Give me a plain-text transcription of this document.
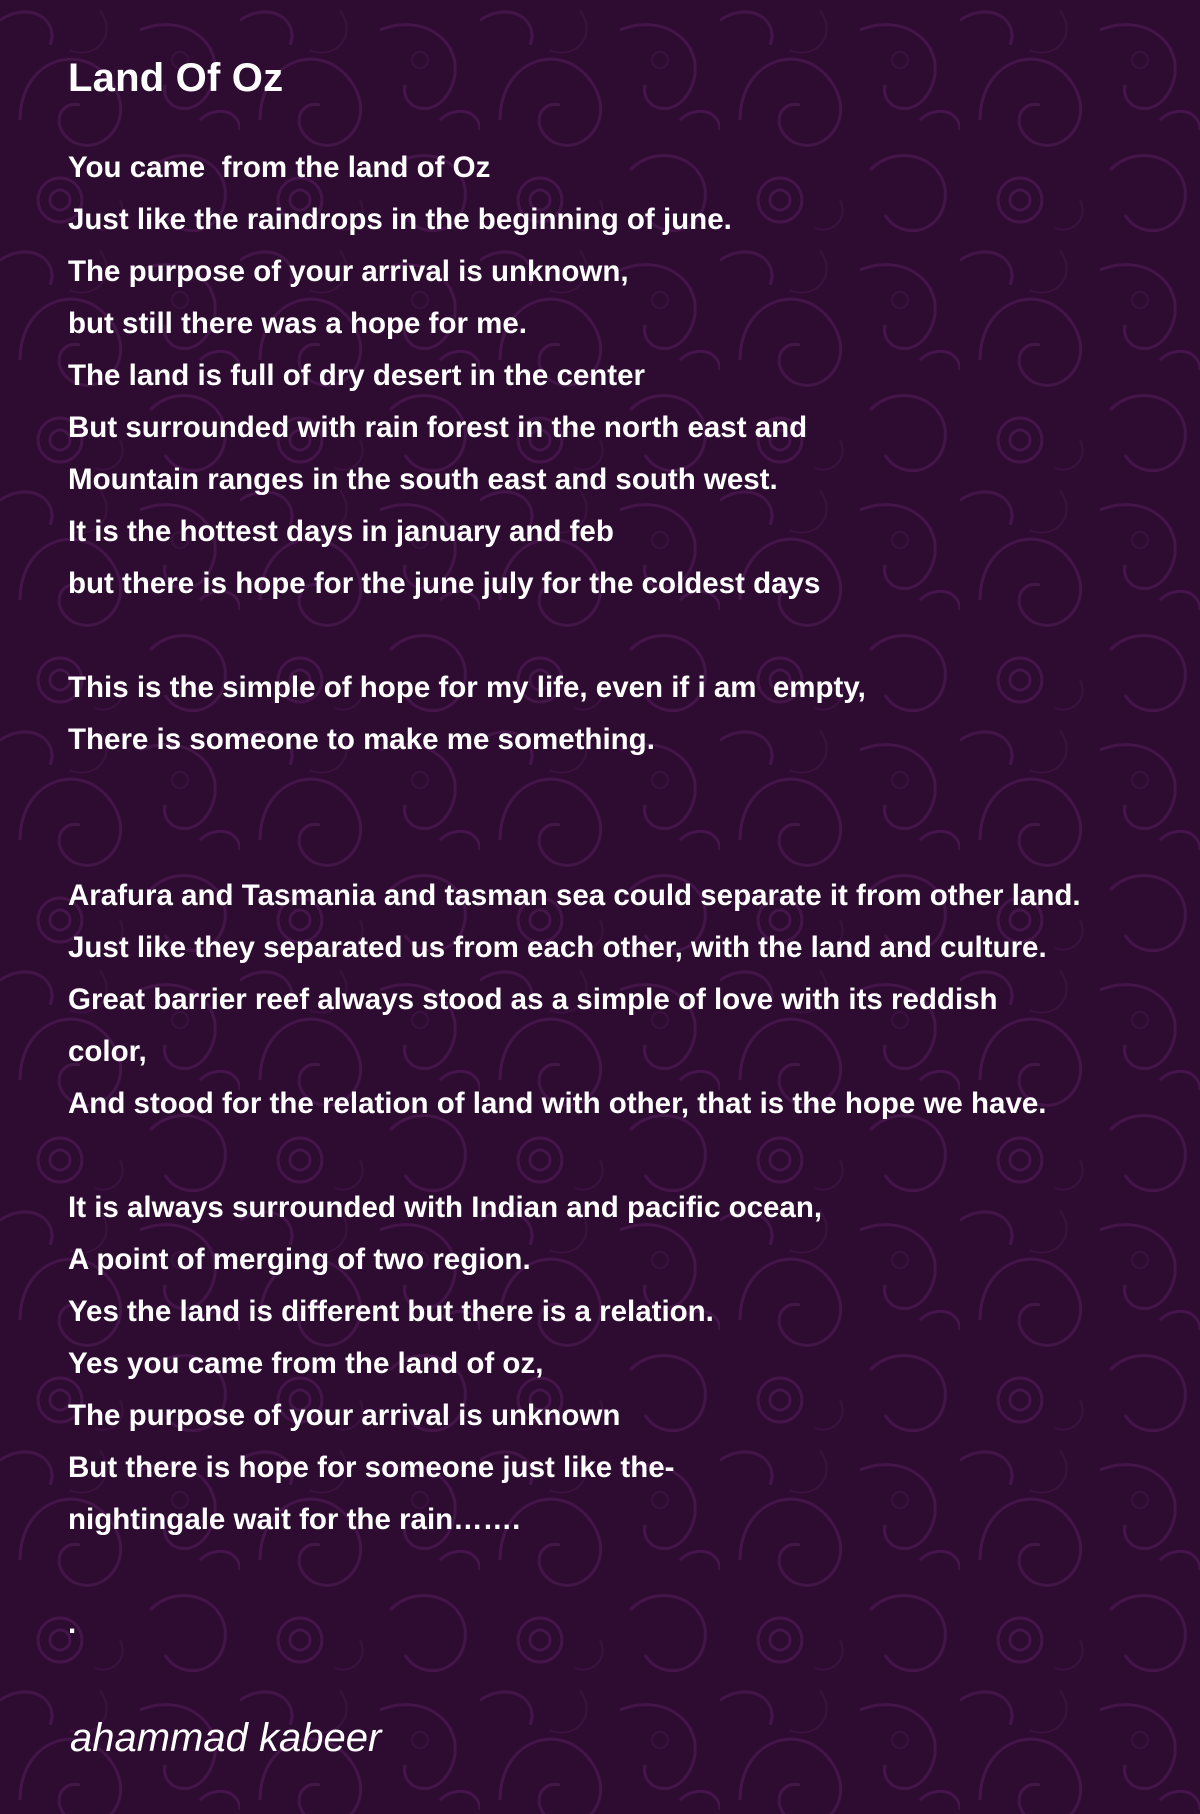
Land Of Oz
You came  from the land of Oz
Just like the raindrops in the beginning of june.
The purpose of your arrival is unknown,
but still there was a hope for me.
The land is full of dry desert in the center
But surrounded with rain forest in the north east and
Mountain ranges in the south east and south west.
It is the hottest days in january and feb
but there is hope for the june july for the coldest days
This is the simple of hope for my life, even if i am  empty,
There is someone to make me something.
Arafura and Tasmania and tasman sea could separate it from other land.
Just like they separated us from each other, with the land and culture.
Great barrier reef always stood as a simple of love with its reddish
color,
And stood for the relation of land with other, that is the hope we have.
It is always surrounded with Indian and pacific ocean,
A point of merging of two region.
Yes the land is different but there is a relation.
Yes you came from the land of oz,
The purpose of your arrival is unknown
But there is hope for someone just like the-
nightingale wait for the rain…….
.
ahammad kabeer
